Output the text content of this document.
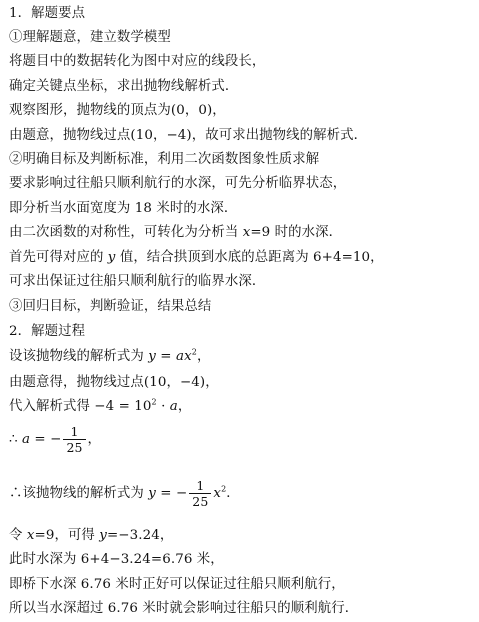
1．解题要点
①理解题意，建立数学模型
将题目中的数据转化为图中对应的线段长，
确定关键点坐标，求出抛物线解析式．
观察图形，抛物线的顶点为(0，0)，
由题意，抛物线过点(10，−4)，故可求出抛物线的解析式．
②明确目标及判断标准，利用二次函数图象性质求解
要求影响过往船只顺利航行的水深，可先分析临界状态，
即分析当水面宽度为 18 米时的水深．
由二次函数的对称性，可转化为分析当 x=9 时的水深．
首先可得对应的 y 值，结合拱顶到水底的总距离为 6+4=10，
可求出保证过往船只顺利航行的临界水深．
③回归目标，判断验证，结果总结
2．解题过程
设该抛物线的解析式为 $y = ax^2$，
由题意得，抛物线过点(10，−4)，
代入解析式得 $-4 = 10^2 \cdot a$，
∴ a = − $\frac{1}{25}$ ，
∴该抛物线的解析式为 y = − $\frac{1}{25} x^2$．
令 x=9，可得 y=−3.24，
此时水深为 6+4−3.24=6.76 米，
即桥下水深 6.76 米时正好可以保证过往船只顺利航行，
所以当水深超过 6.76 米时就会影响过往船只的顺利航行．
